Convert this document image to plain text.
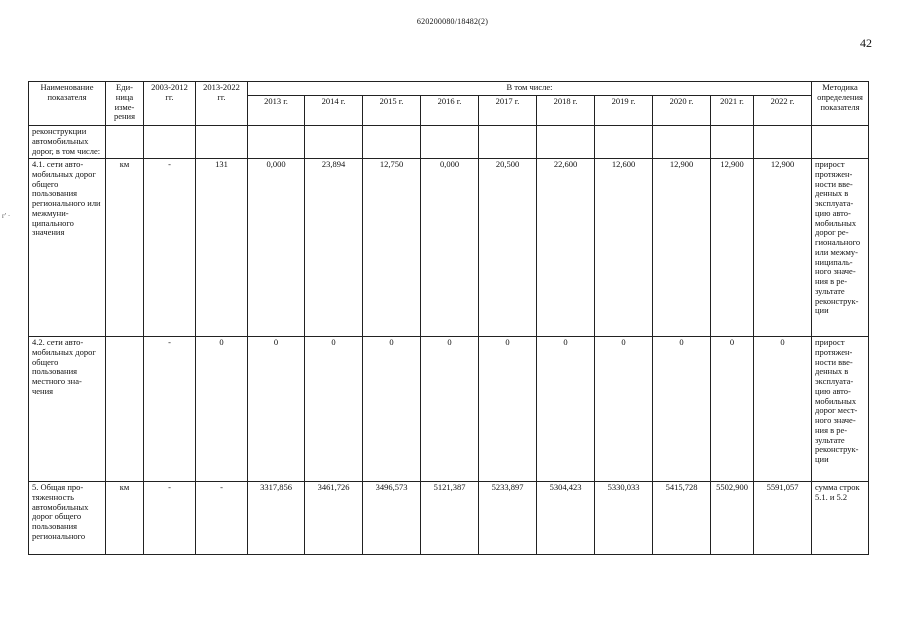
620200080/18482(2)
42
г' ·
Наименование показателя	Еди-ница изме-рения	2003-2012 гг.	2013-2022 гг.	В том числе:										Методика определения показателя
				2013 г.	2014 г.	2015 г.	2016 г.	2017 г.	2018 г.	2019 г.	2020 г.	2021 г.	2022 г.	
реконструкции автомобильных дорог, в том числе:														
4.1. сети авто-мобильных дорог общего пользования регионального или межмуни-ципального значения	км	-	131	0,000	23,894	12,750	0,000	20,500	22,600	12,600	12,900	12,900	12,900	прирост протяжен-ности вве-денных в эксплуата-цию авто-мобильных дорог ре-гионального или межму-ниципаль-ного значе-ния в ре-зультате реконструк-ции
4.2. сети авто-мобильных дорог общего пользования местного зна-чения		-	0	0	0	0	0	0	0	0	0	0	0	прирост протяжен-ности вве-денных в эксплуата-цию авто-мобильных дорог мест-ного значе-ния в ре-зультате реконструк-ции
5. Общая про-тяженность автомобильных дорог общего пользования регионального	км	-	-	3317,856	3461,726	3496,573	5121,387	5233,897	5304,423	5330,033	5415,728	5502,900	5591,057	сумма строк 5.1. и 5.2
